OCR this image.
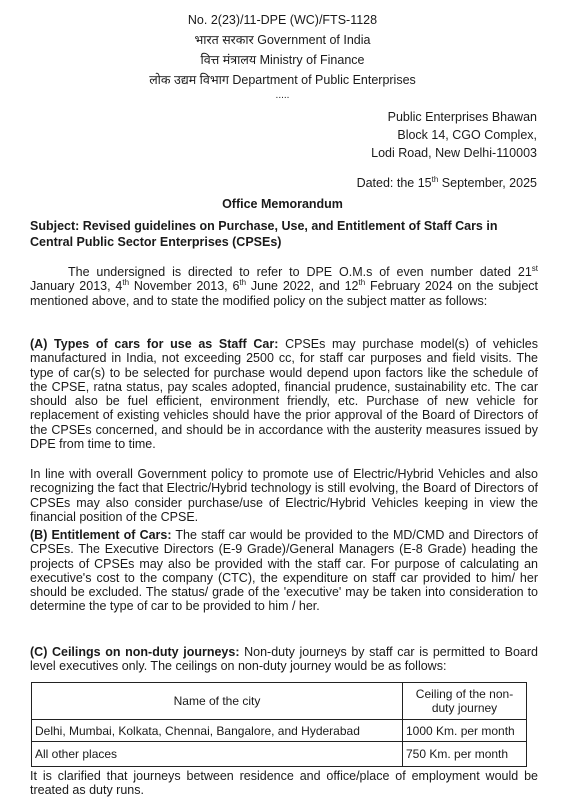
No. 2(23)/11-DPE (WC)/FTS-1128
भारत सरकार Government of India
वित्त मंत्रालय Ministry of Finance
लोक उद्यम विभाग Department of Public Enterprises
.....
Public Enterprises Bhawan
Block 14, CGO Complex,
Lodi Road, New Delhi-110003
Dated: the 15th September, 2025
Office Memorandum
Subject: Revised guidelines on Purchase, Use, and Entitlement of Staff Cars in Central Public Sector Enterprises (CPSEs)
The undersigned is directed to refer to DPE O.M.s of even number dated 21st January 2013, 4th November 2013, 6th June 2022, and 12th February 2024 on the subject mentioned above, and to state the modified policy on the subject matter as follows:
(A) Types of cars for use as Staff Car: CPSEs may purchase model(s) of vehicles manufactured in India, not exceeding 2500 cc, for staff car purposes and field visits. The type of car(s) to be selected for purchase would depend upon factors like the schedule of the CPSE, ratna status, pay scales adopted, financial prudence, sustainability etc. The car should also be fuel efficient, environment friendly, etc. Purchase of new vehicle for replacement of existing vehicles should have the prior approval of the Board of Directors of the CPSEs concerned, and should be in accordance with the austerity measures issued by DPE from time to time.
In line with overall Government policy to promote use of Electric/Hybrid Vehicles and also recognizing the fact that Electric/Hybrid technology is still evolving, the Board of Directors of CPSEs may also consider purchase/use of Electric/Hybrid Vehicles keeping in view the financial position of the CPSE.
(B) Entitlement of Cars: The staff car would be provided to the MD/CMD and Directors of CPSEs. The Executive Directors (E-9 Grade)/General Managers (E-8 Grade) heading the projects of CPSEs may also be provided with the staff car. For purpose of calculating an executive's cost to the company (CTC), the expenditure on staff car provided to him/ her should be excluded. The status/ grade of the 'executive' may be taken into consideration to determine the type of car to be provided to him / her.
(C) Ceilings on non-duty journeys: Non-duty journeys by staff car is permitted to Board level executives only. The ceilings on non-duty journey would be as follows:
Name of the city	Ceiling of the non-duty journey
Delhi, Mumbai, Kolkata, Chennai, Bangalore, and Hyderabad	1000 Km. per month
All other places	750 Km. per month
It is clarified that journeys between residence and office/place of employment would be treated as duty runs.
